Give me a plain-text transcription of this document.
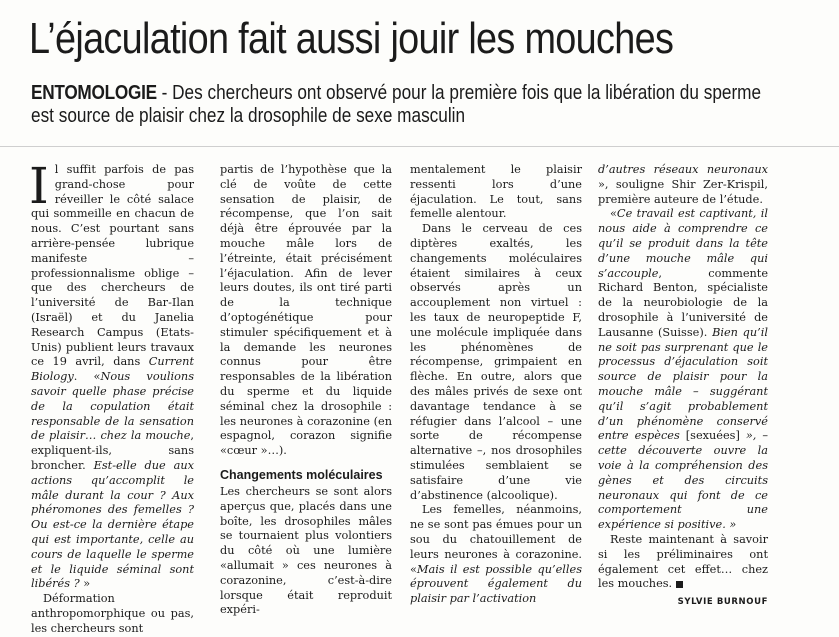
L’éjaculation fait aussi jouir les mouches
ENTOMOLOGIE - Des chercheurs ont observé pour la première fois que la libération du sperme est source de plaisir chez la drosophile de sexe masculin

Il suffit parfois de pas grand-chose pour réveiller le côté salace qui sommeille en chacun de nous. C’est pourtant sans arrière-pensée lubrique manifeste – professionnalisme oblige – que des chercheurs de l’université de Bar-Ilan (Israël) et du Janelia Research Campus (Etats-Unis) publient leurs travaux ce 19 avril, dans Current Biology. «Nous voulions savoir quelle phase précise de la copulation était responsable de la sensation de plaisir… chez la mouche, expliquent-ils, sans broncher. Est-elle due aux actions qu’accomplit le mâle durant la cour ? Aux phéromones des femelles ? Ou est-ce la dernière étape qui est importante, celle au cours de laquelle le sperme et le liquide séminal sont libérés ? »

Déformation anthropomorphique ou pas, les chercheurs sont

partis de l’hypothèse que la clé de voûte de cette sensation de plaisir, de récompense, que l’on sait déjà être éprouvée par la mouche mâle lors de l’étreinte, était précisément l’éjaculation. Afin de lever leurs doutes, ils ont tiré parti de la technique d’optogénétique pour stimuler spécifiquement et à la demande les neurones connus pour être responsables de la libération du sperme et du liquide séminal chez la drosophile : les neurones à corazonine (en espagnol, corazon signifie «cœur »…).

Changements moléculaires

Les chercheurs se sont alors aperçus que, placés dans une boîte, les drosophiles mâles se tournaient plus volontiers du côté où une lumière «allumait » ces neurones à corazonine, c’est-à-dire lorsque était reproduit expéri-

mentalement le plaisir ressenti lors d’une éjaculation. Le tout, sans femelle alentour.

Dans le cerveau de ces diptères exaltés, les changements moléculaires étaient similaires à ceux observés après un accouplement non virtuel : les taux de neuropeptide F, une molécule impliquée dans les phénomènes de récompense, grimpaient en flèche. En outre, alors que des mâles privés de sexe ont davantage tendance à se réfugier dans l’alcool – une sorte de récompense alternative –, nos drosophiles stimulées semblaient se satisfaire d’une vie d’abstinence (alcoolique).

Les femelles, néanmoins, ne se sont pas émues pour un sou du chatouillement de leurs neurones à corazonine. «Mais il est possible qu’elles éprouvent également du plaisir par l’activation

d’autres réseaux neuronaux », souligne Shir Zer-Krispil, première auteure de l’étude.

«Ce travail est captivant, il nous aide à comprendre ce qu’il se produit dans la tête d’une mouche mâle qui s’accouple, commente Richard Benton, spécialiste de la neurobiologie de la drosophile à l’université de Lausanne (Suisse). Bien qu’il ne soit pas surprenant que le processus d’éjaculation soit source de plaisir pour la mouche mâle – suggérant qu’il s’agit probablement d’un phénomène conservé entre espèces [sexuées] », – cette découverte ouvre la voie à la compréhension des gènes et des circuits neuronaux qui font de ce comportement une expérience si positive. »

Reste maintenant à savoir si les préliminaires ont également cet effet… chez les mouches.

SYLVIE BURNOUF
